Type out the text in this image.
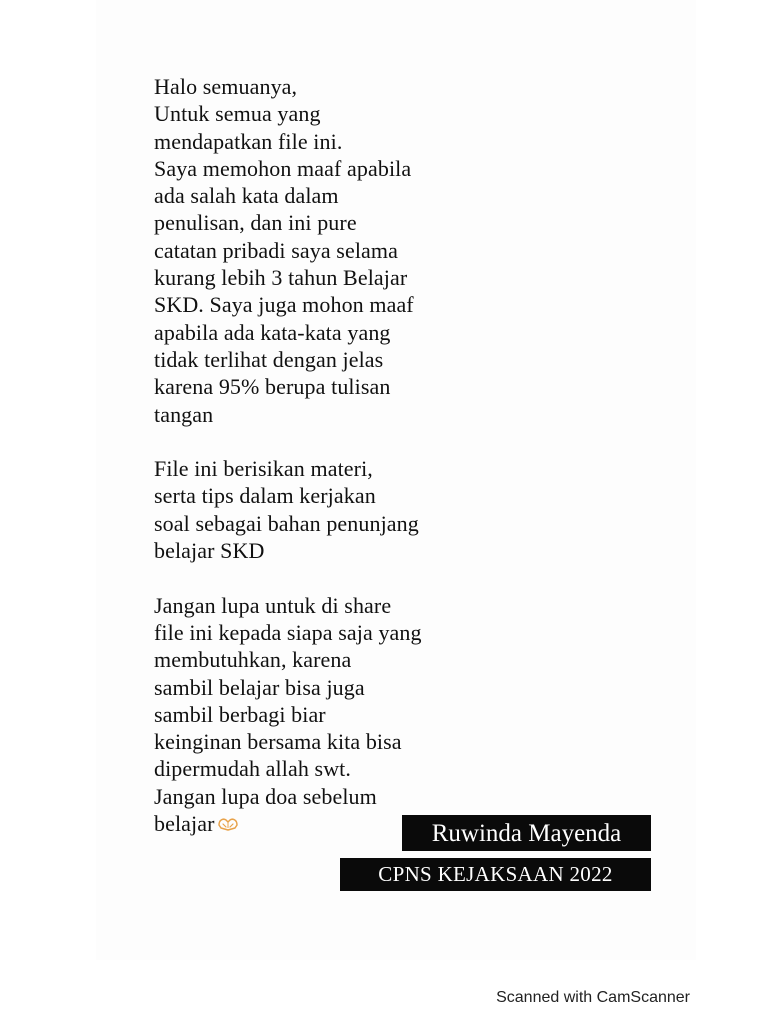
Halo semuanya,
Untuk semua yang
mendapatkan file ini.
Saya memohon maaf apabila
ada salah kata dalam
penulisan, dan ini pure
catatan pribadi saya selama
kurang lebih 3 tahun Belajar
SKD. Saya juga mohon maaf
apabila ada kata-kata yang
tidak terlihat dengan jelas
karena 95% berupa tulisan
tangan

File ini berisikan materi,
serta tips dalam kerjakan
soal sebagai bahan penunjang
belajar SKD

Jangan lupa untuk di share
file ini kepada siapa saja yang
membutuhkan, karena
sambil belajar bisa juga
sambil berbagi biar
keinginan bersama kita bisa
dipermudah allah swt.
Jangan lupa doa sebelum
belajar	Ruwinda Mayenda
CPNS KEJAKSAAN 2022
Scanned with CamScanner
